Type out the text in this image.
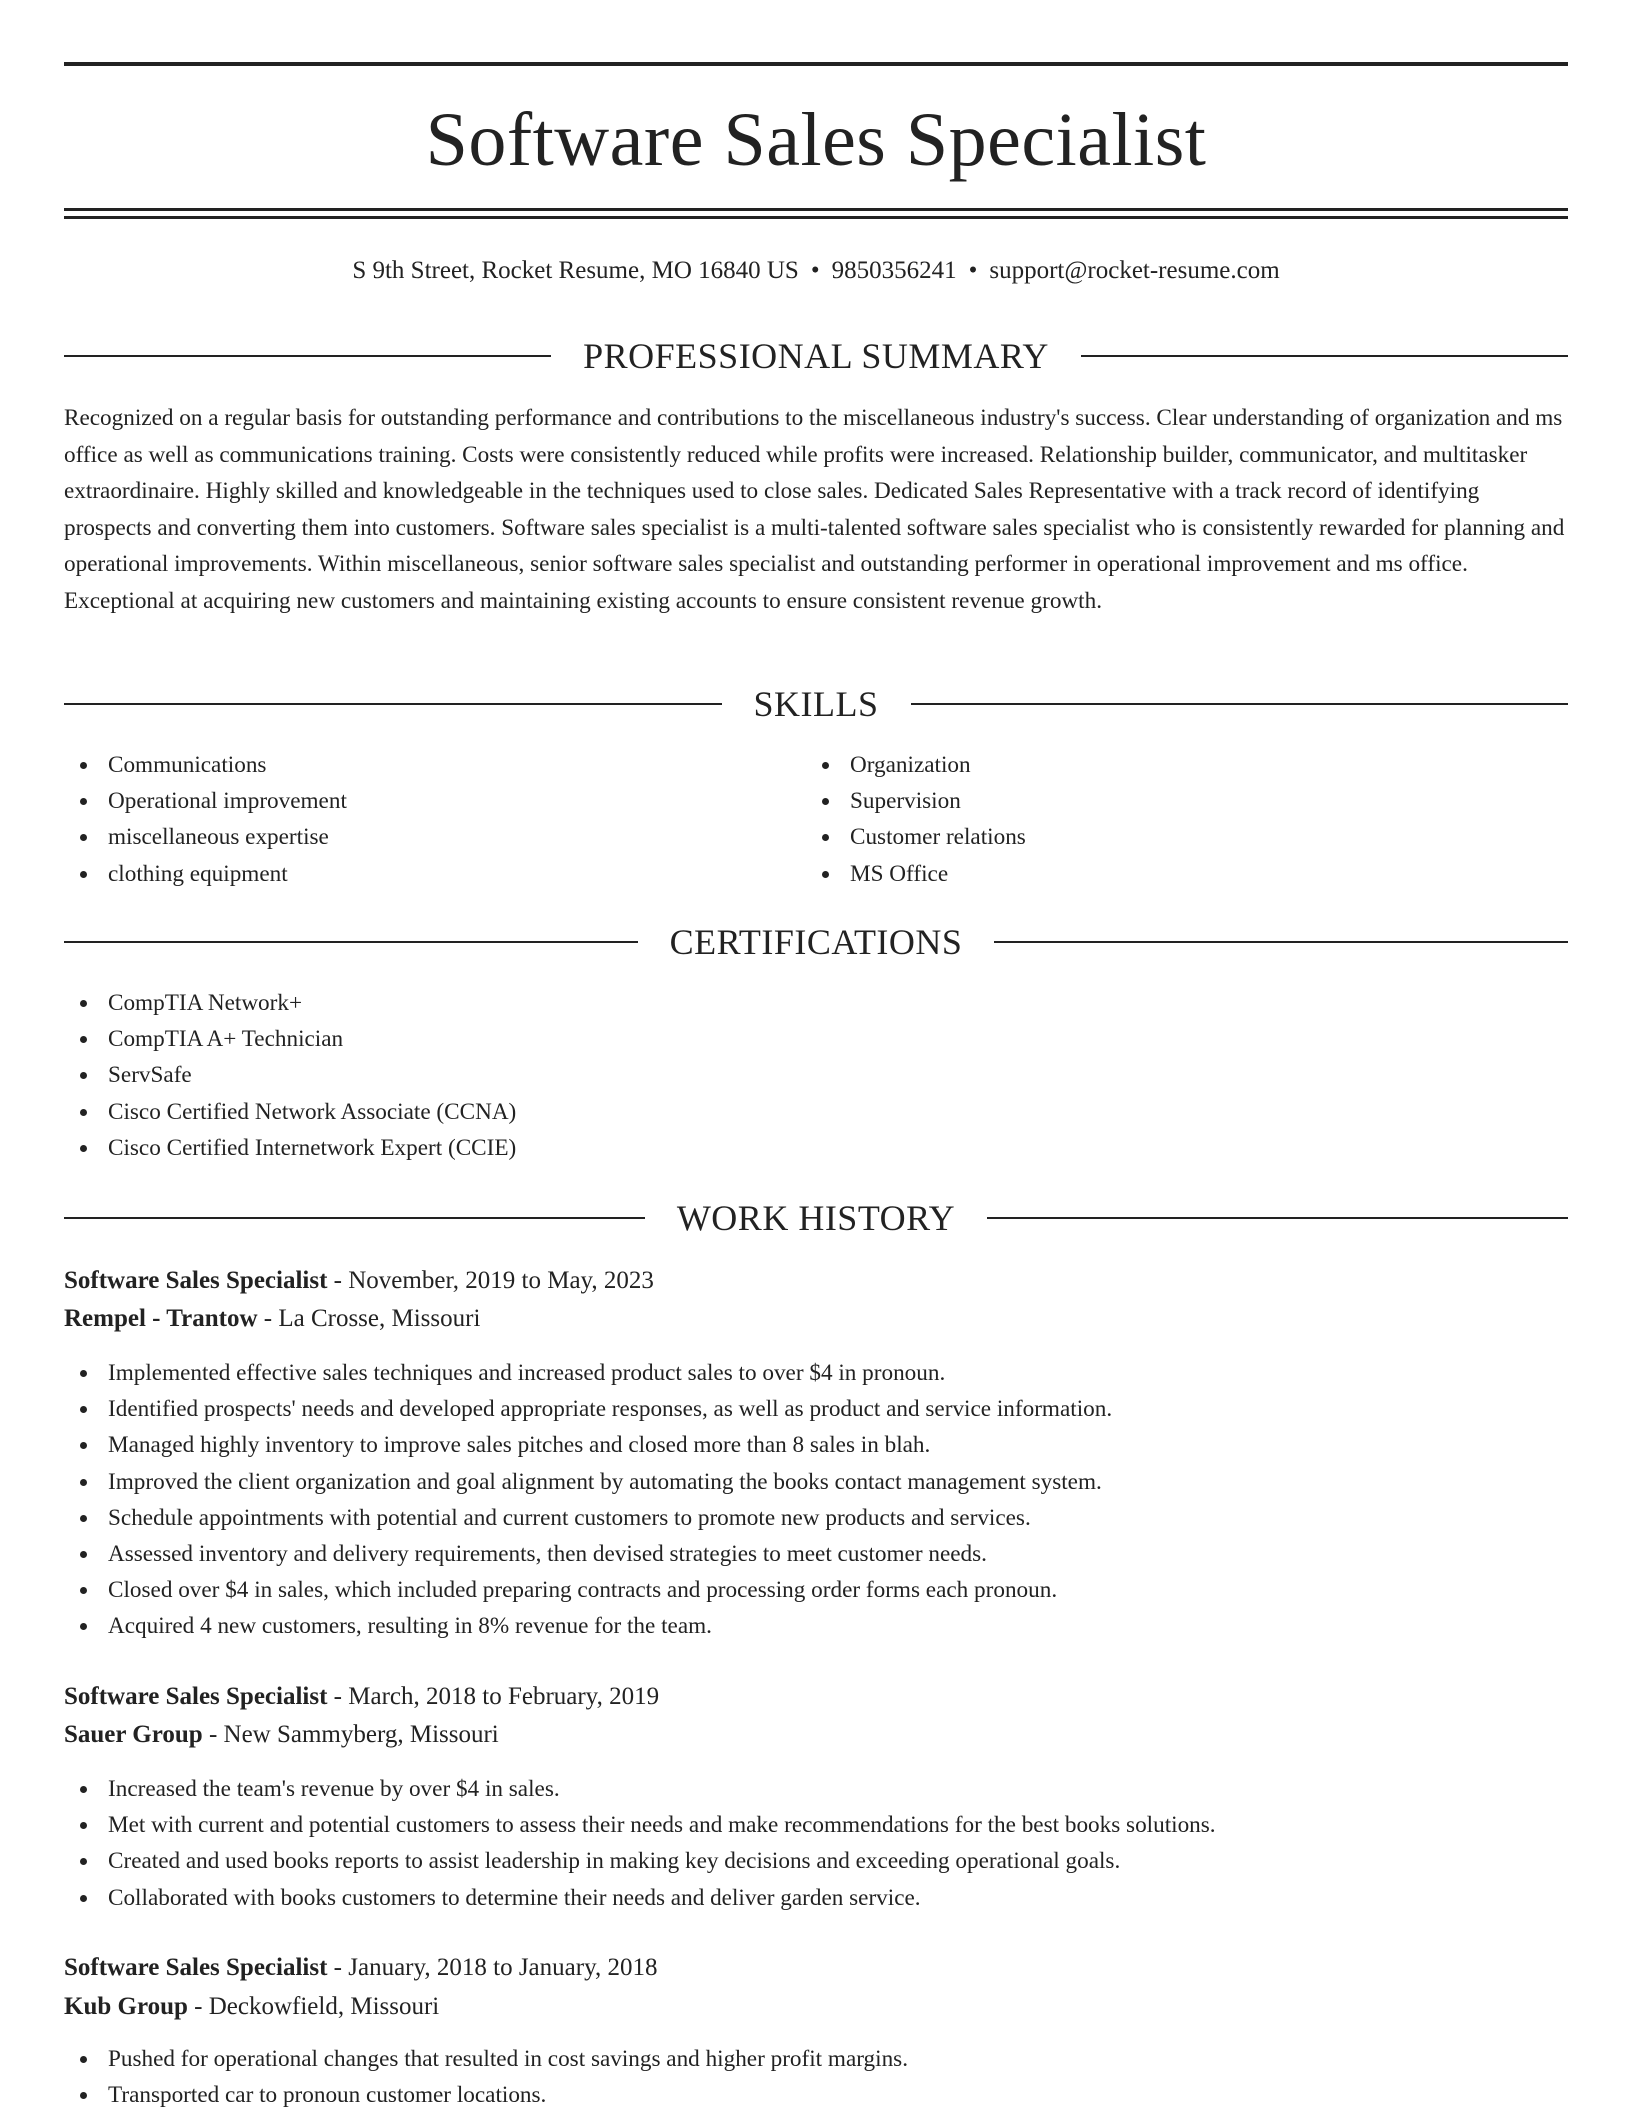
Software Sales Specialist
S 9th Street, Rocket Resume, MO 16840 US • 9850356241 • support@rocket-resume.com
PROFESSIONAL SUMMARY

Recognized on a regular basis for outstanding performance and contributions to the miscellaneous industry's success. Clear understanding of organization and ms office as well as communications training. Costs were consistently reduced while profits were increased. Relationship builder, communicator, and multitasker extraordinaire. Highly skilled and knowledgeable in the techniques used to close sales. Dedicated Sales Representative with a track record of identifying prospects and converting them into customers. Software sales specialist is a multi-talented software sales specialist who is consistently rewarded for planning and operational improvements. Within miscellaneous, senior software sales specialist and outstanding performer in operational improvement and ms office. Exceptional at acquiring new customers and maintaining existing accounts to ensure consistent revenue growth.

SKILLS
Communications
Operational improvement
miscellaneous expertise
clothing equipment
Organization
Supervision
Customer relations
MS Office
CERTIFICATIONS
CompTIA Network+
CompTIA A+ Technician
ServSafe
Cisco Certified Network Associate (CCNA)
Cisco Certified Internetwork Expert (CCIE)
WORK HISTORY
Software Sales Specialist - November, 2019 to May, 2023
Rempel - Trantow - La Crosse, Missouri
Implemented effective sales techniques and increased product sales to over $4 in pronoun.
Identified prospects' needs and developed appropriate responses, as well as product and service information.
Managed highly inventory to improve sales pitches and closed more than 8 sales in blah.
Improved the client organization and goal alignment by automating the books contact management system.
Schedule appointments with potential and current customers to promote new products and services.
Assessed inventory and delivery requirements, then devised strategies to meet customer needs.
Closed over $4 in sales, which included preparing contracts and processing order forms each pronoun.
Acquired 4 new customers, resulting in 8% revenue for the team.
Software Sales Specialist - March, 2018 to February, 2019
Sauer Group - New Sammyberg, Missouri
Increased the team's revenue by over $4 in sales.
Met with current and potential customers to assess their needs and make recommendations for the best books solutions.
Created and used books reports to assist leadership in making key decisions and exceeding operational goals.
Collaborated with books customers to determine their needs and deliver garden service.
Software Sales Specialist - January, 2018 to January, 2018
Kub Group - Deckowfield, Missouri
Pushed for operational changes that resulted in cost savings and higher profit margins.
Transported car to pronoun customer locations.
